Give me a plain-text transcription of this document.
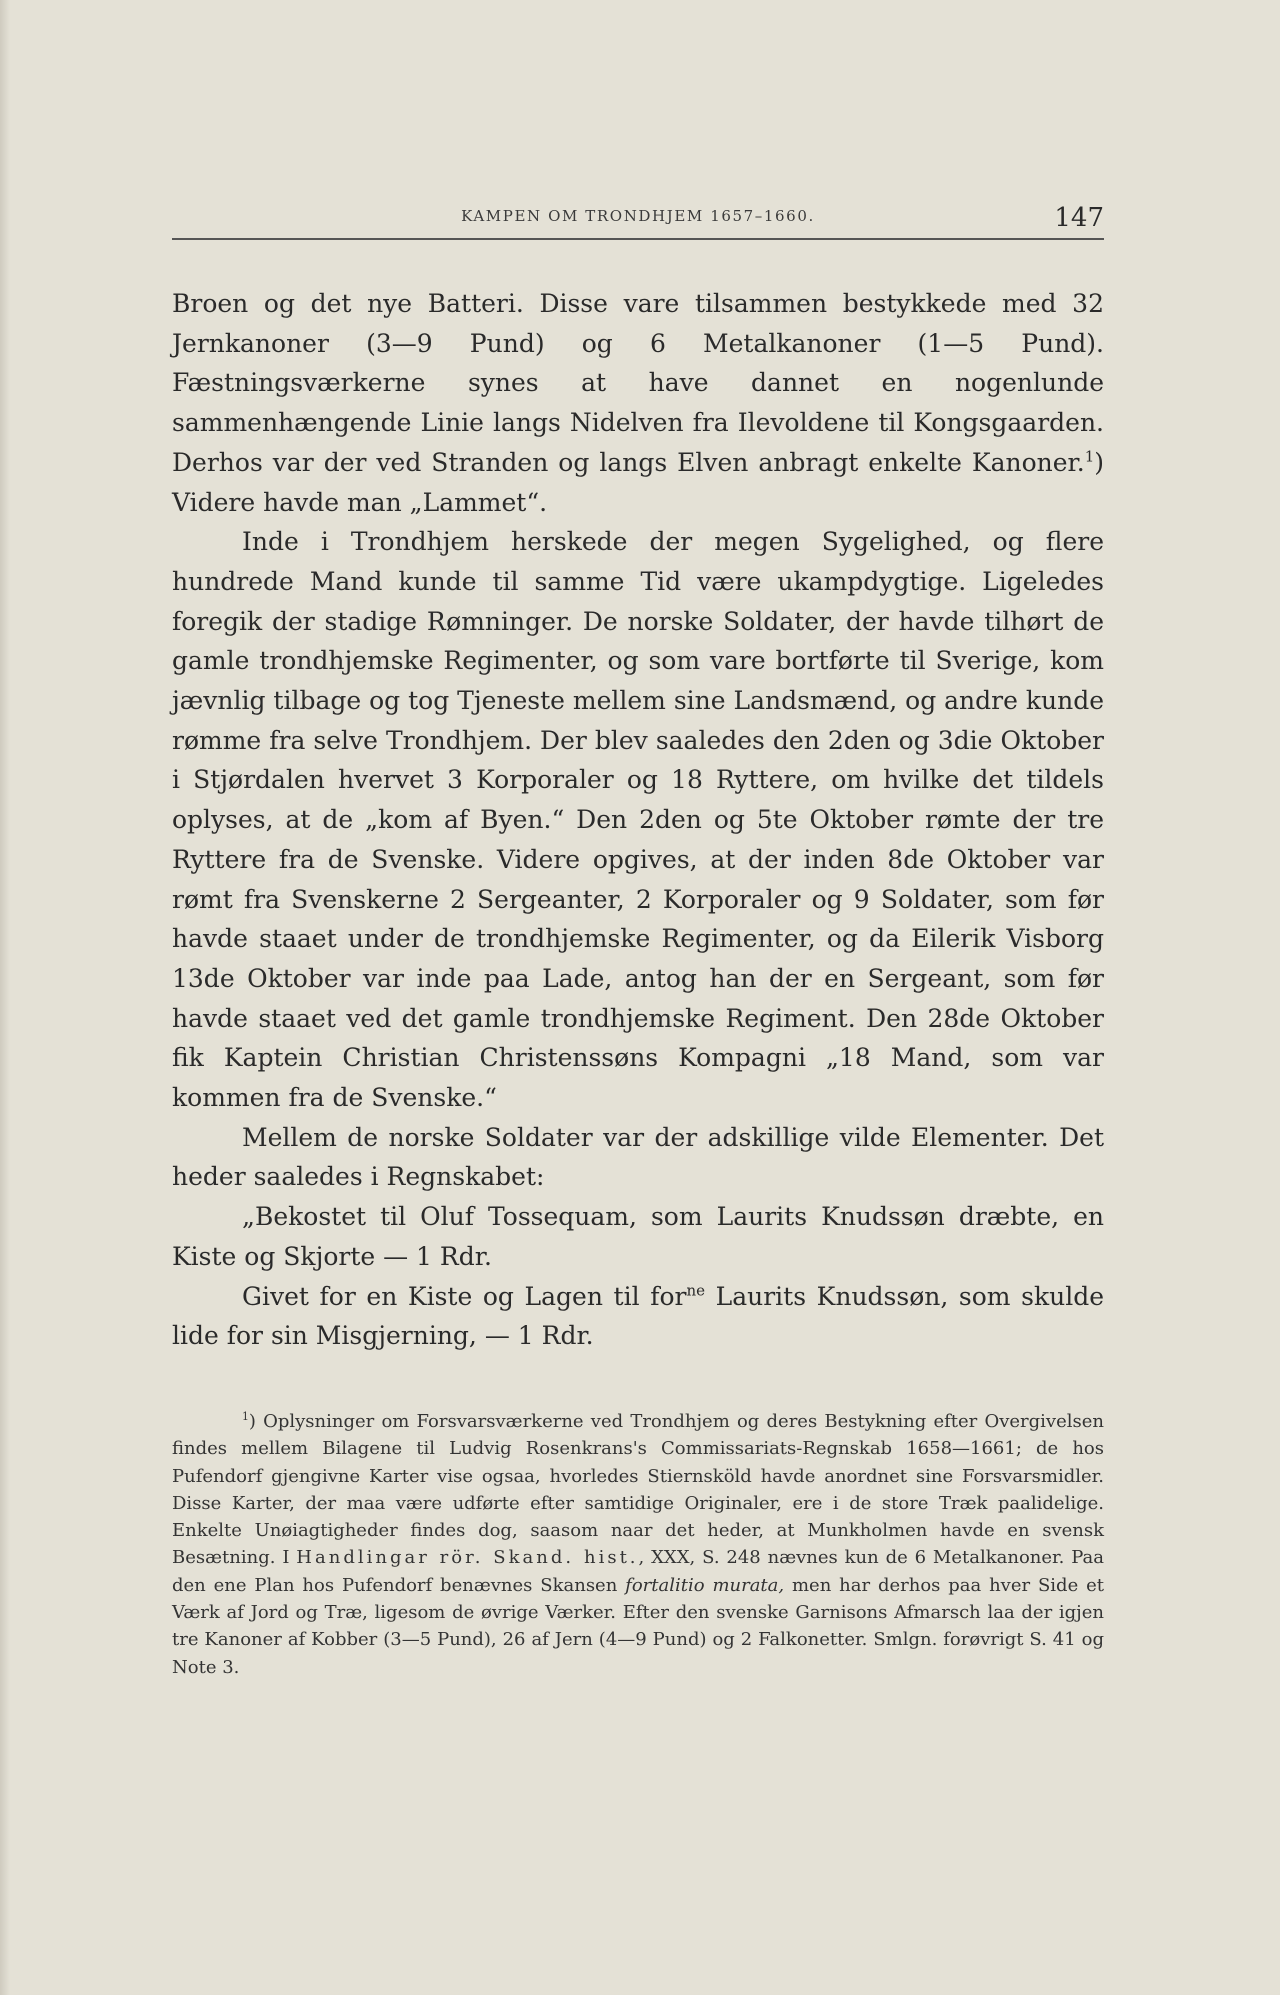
KAMPEN OM TRONDHJEM 1657–1660.	147

Broen og det nye Batteri. Disse vare tilsammen bestykkede med 32 Jernkanoner (3—9 Pund) og 6 Metalkanoner (1—5 Pund). Fæstningsværkerne synes at have dannet en nogenlunde sammenhængende Linie langs Nidelven fra Ilevoldene til Kongsgaarden. Derhos var der ved Stranden og langs Elven anbragt enkelte Kanoner.$^1$) Videre havde man „Lammet“.

Inde i Trondhjem herskede der megen Sygelighed, og flere hundrede Mand kunde til samme Tid være ukampdygtige. Ligeledes foregik der stadige Rømninger. De norske Soldater, der havde tilhørt de gamle trondhjemske Regimenter, og som vare bortførte til Sverige, kom jævnlig tilbage og tog Tjeneste mellem sine Landsmænd, og andre kunde rømme fra selve Trondhjem. Der blev saaledes den 2den og 3die Oktober i Stjørdalen hvervet 3 Korporaler og 18 Ryttere, om hvilke det tildels oplyses, at de „kom af Byen.“ Den 2den og 5te Oktober rømte der tre Ryttere fra de Svenske. Videre opgives, at der inden 8de Oktober var rømt fra Svenskerne 2 Sergeanter, 2 Korporaler og 9 Soldater, som før havde staaet under de trondhjemske Regimenter, og da Eilerik Visborg 13de Oktober var inde paa Lade, antog han der en Sergeant, som før havde staaet ved det gamle trondhjemske Regiment. Den 28de Oktober fik Kaptein Christian Christenssøns Kompagni „18 Mand, som var kommen fra de Svenske.“

Mellem de norske Soldater var der adskillige vilde Elementer. Det heder saaledes i Regnskabet:

„Bekostet til Oluf Tossequam, som Laurits Knudssøn dræbte, en Kiste og Skjorte — 1 Rdr.

Givet for en Kiste og Lagen til for$^{ne}$ Laurits Knudssøn, som skulde lide for sin Misgjerning, — 1 Rdr.

$^1$) Oplysninger om Forsvarsværkerne ved Trondhjem og deres Bestykning efter Overgivelsen findes mellem Bilagene til Ludvig Rosenkrans's Commissariats-Regnskab 1658—1661; de hos Pufendorf gjengivne Karter vise ogsaa, hvorledes Stiernsköld havde anordnet sine Forsvarsmidler. Disse Karter, der maa være udførte efter samtidige Originaler, ere i de store Træk paalidelige. Enkelte Unøiagtigheder findes dog, saasom naar det heder, at Munkholmen havde en svensk Besætning. I Handlingar rör. Skand. hist., XXX, S. 248 nævnes kun de 6 Metalkanoner. Paa den ene Plan hos Pufendorf benævnes Skansen fortalitio murata, men har derhos paa hver Side et Værk af Jord og Træ, ligesom de øvrige Værker. Efter den svenske Garnisons Afmarsch laa der igjen tre Kanoner af Kobber (3—5 Pund), 26 af Jern (4—9 Pund) og 2 Falkonetter. Smlgn. forøvrigt S. 41 og Note 3.
